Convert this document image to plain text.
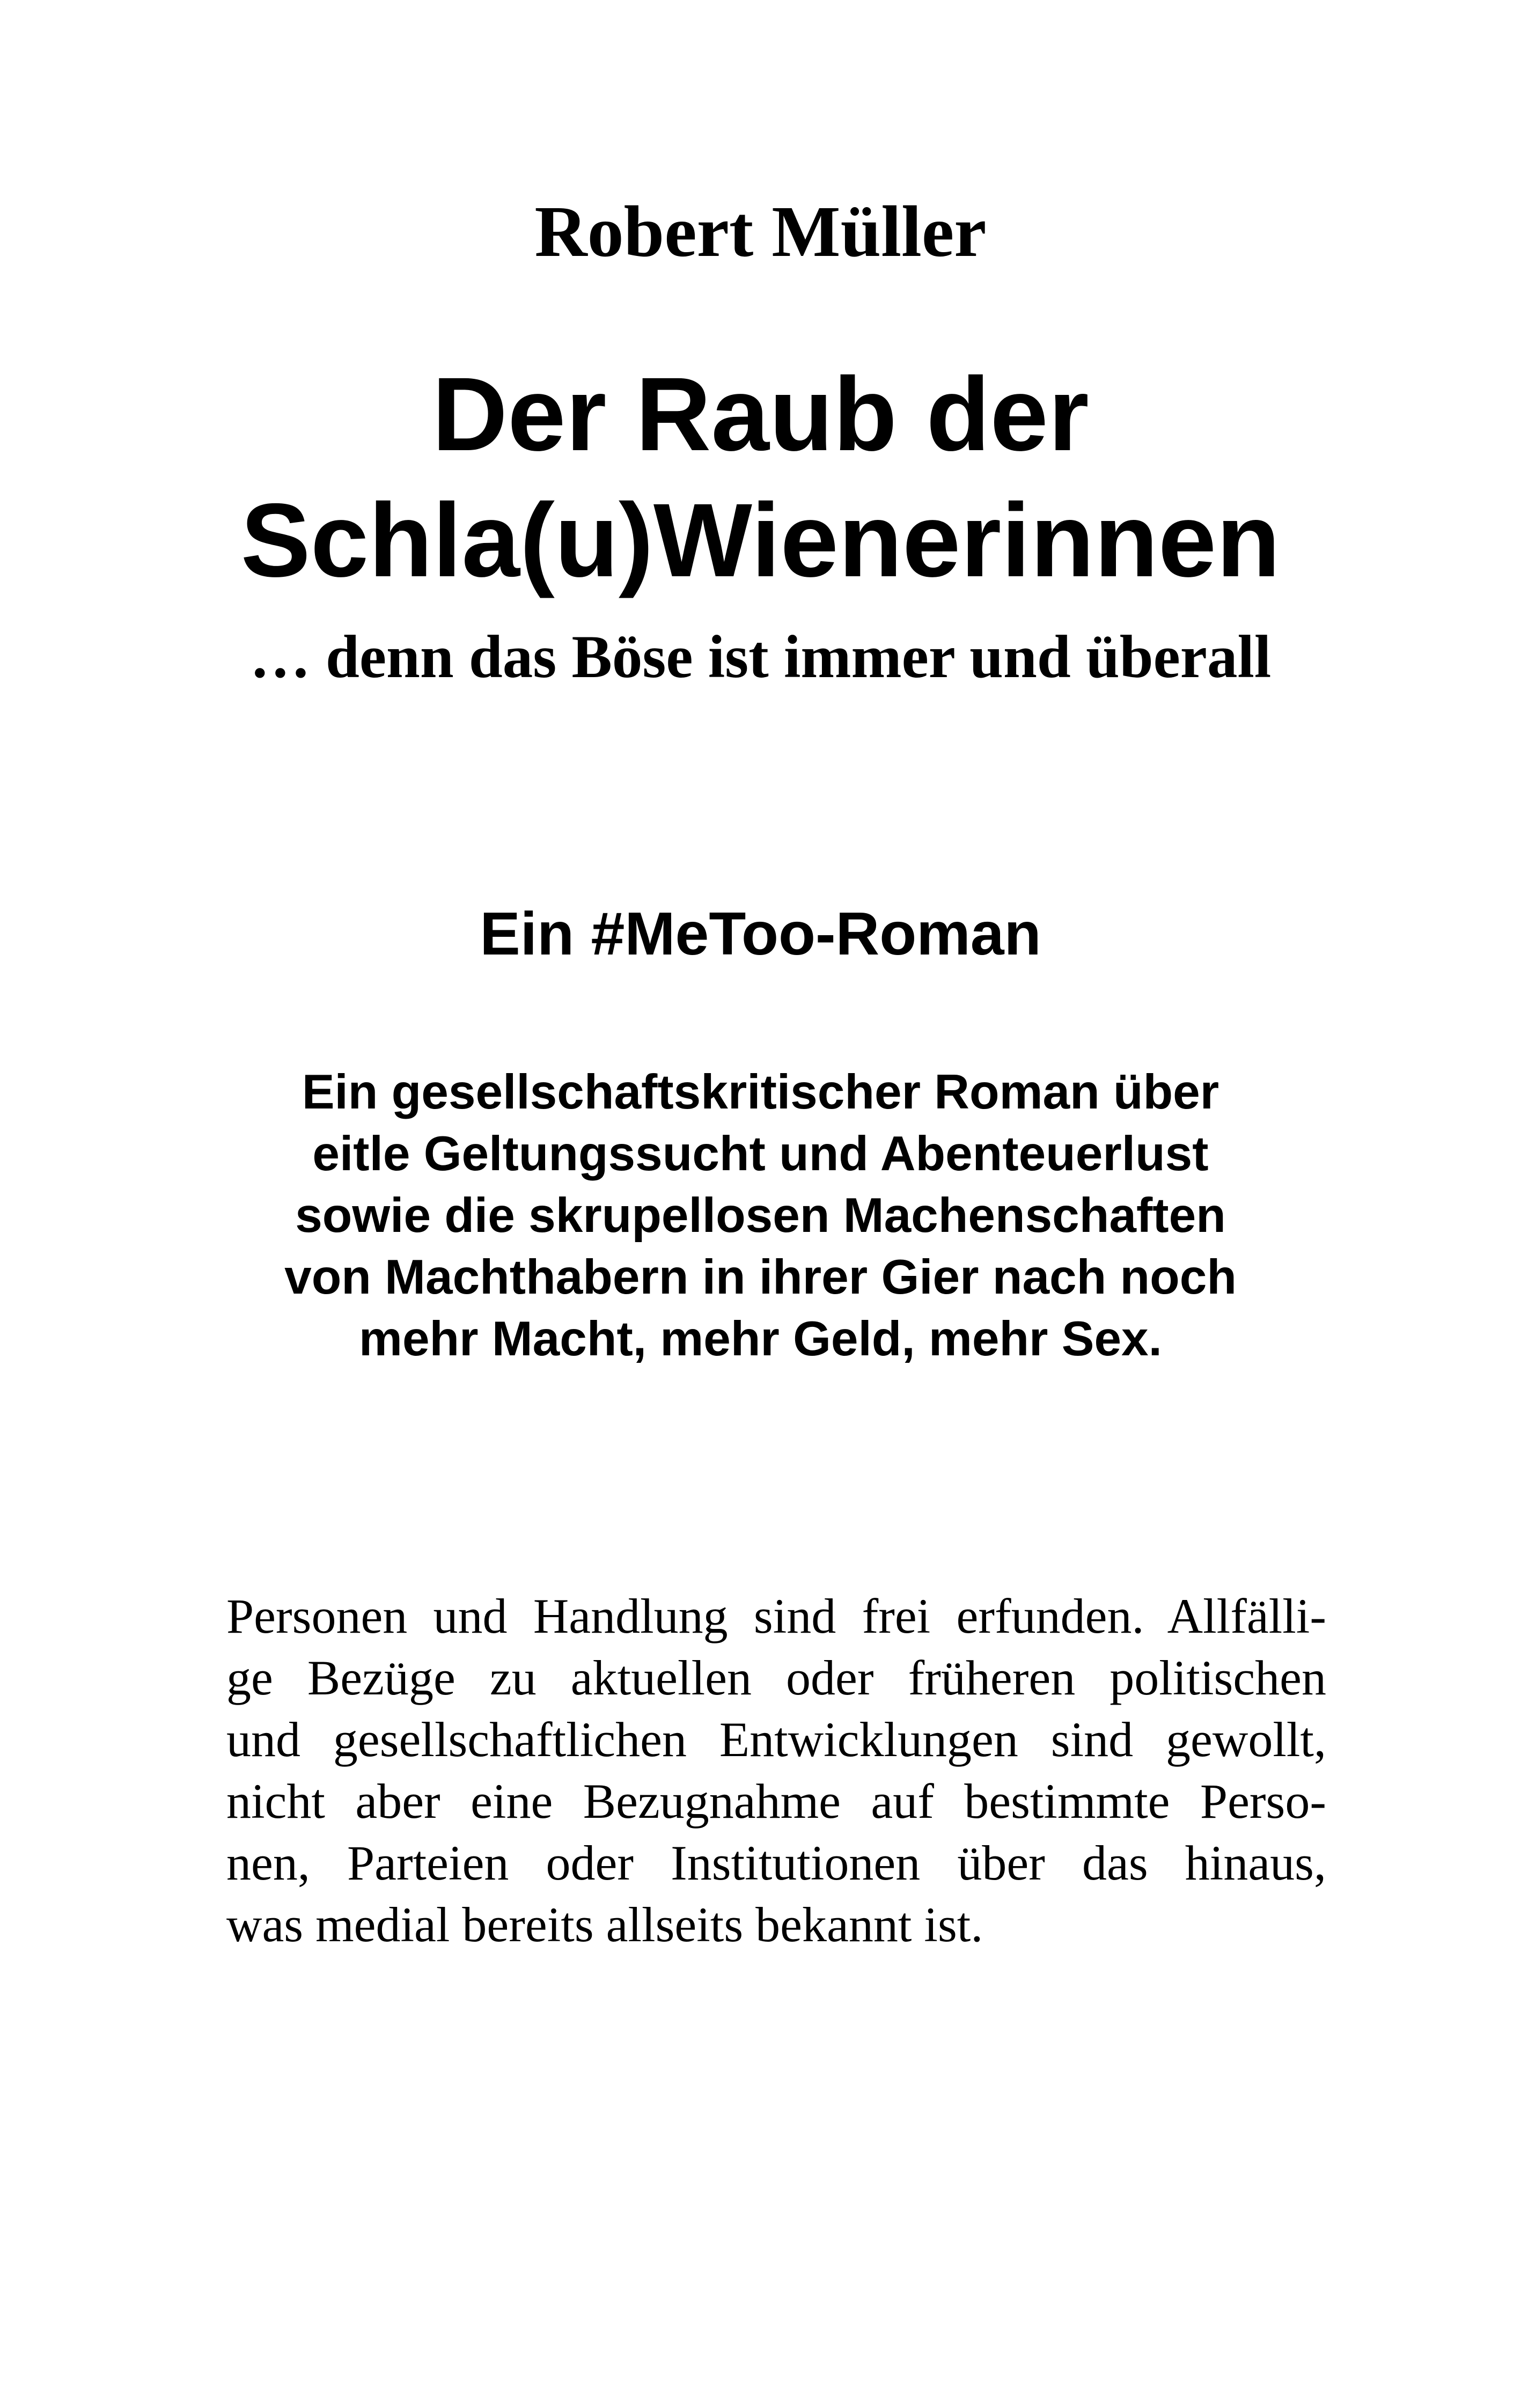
Robert Müller
Der Raub der
Schla(u)Wienerinnen

… denn das Böse ist immer und überall

Ein #MeToo-Roman

Ein gesellschaftskritischer Roman über
eitle Geltungssucht und Abenteuerlust
sowie die skrupellosen Machenschaften
von Machthabern in ihrer Gier nach noch
mehr Macht, mehr Geld, mehr Sex.

Personen und Handlung sind frei erfunden. Allfälli-
ge Bezüge zu aktuellen oder früheren politischen
und gesellschaftlichen Entwicklungen sind gewollt,
nicht aber eine Bezugnahme auf bestimmte Perso-
nen, Parteien oder Institutionen über das hinaus,
was medial bereits allseits bekannt ist.
